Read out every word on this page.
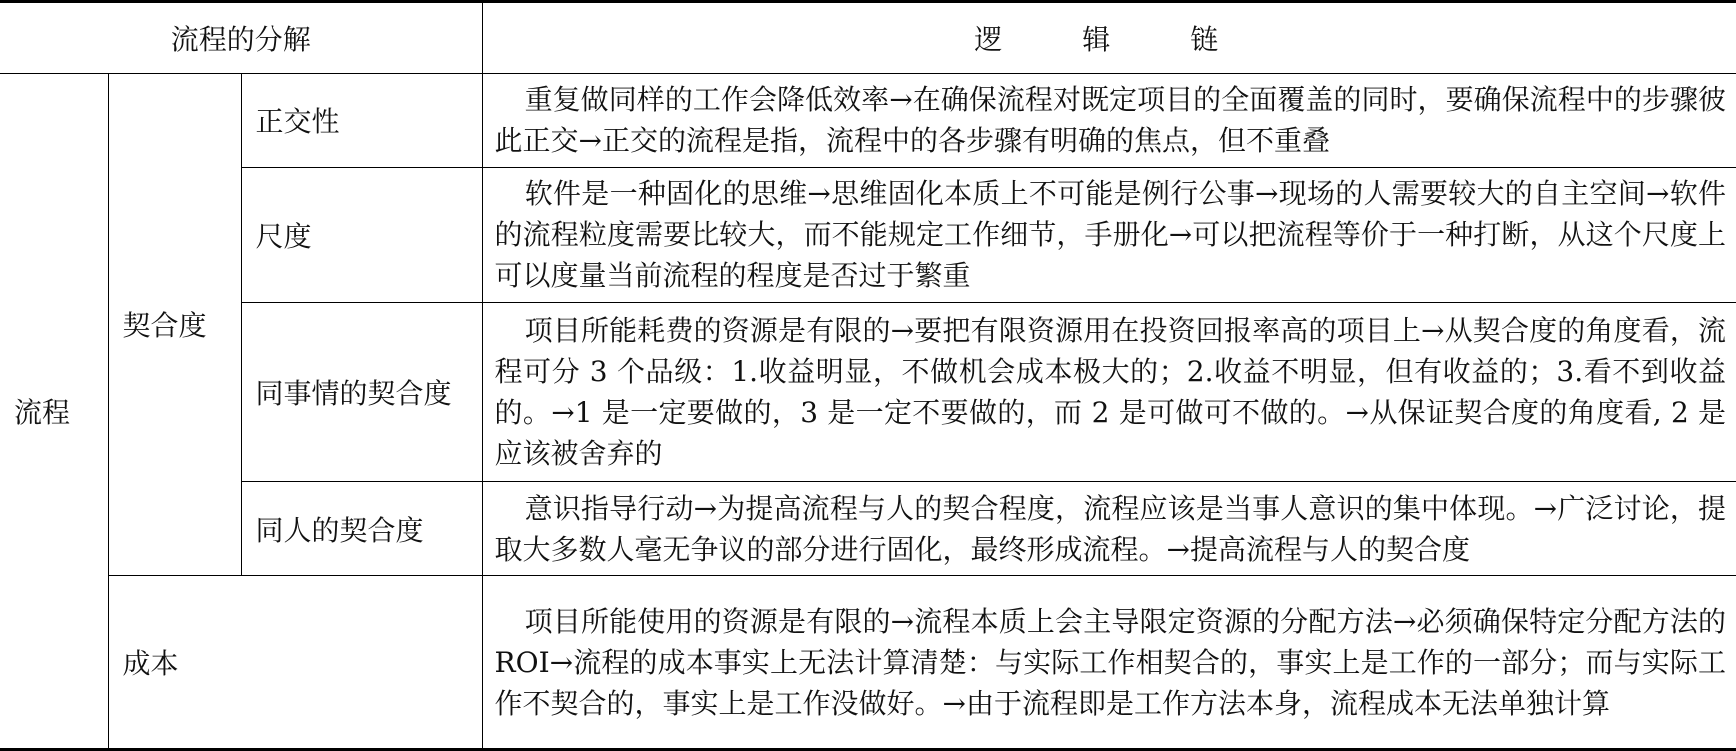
流程的分解			逻　辑　链
流程	契合度	正交性	重复做同样的工作会降低效率→在确保流程对既定项目的全面覆盖的同时，要确保流程中的步骤彼此正交→正交的流程是指，流程中的各步骤有明确的焦点，但不重叠
		尺度	软件是一种固化的思维→思维固化本质上不可能是例行公事→现场的人需要较大的自主空间→软件的流程粒度需要比较大，而不能规定工作细节，手册化→可以把流程等价于一种打断，从这个尺度上可以度量当前流程的程度是否过于繁重
		同事情的契合度	项目所能耗费的资源是有限的→要把有限资源用在投资回报率高的项目上→从契合度的角度看，流程可分 3 个品级：1.收益明显，不做机会成本极大的；2.收益不明显，但有收益的；3.看不到收益的。→1 是一定要做的，3 是一定不要做的，而 2 是可做可不做的。→从保证契合度的角度看, 2 是应该被舍弃的
		同人的契合度	意识指导行动→为提高流程与人的契合程度，流程应该是当事人意识的集中体现。→广泛讨论，提取大多数人毫无争议的部分进行固化，最终形成流程。→提高流程与人的契合度
	成本		项目所能使用的资源是有限的→流程本质上会主导限定资源的分配方法→必须确保特定分配方法的 ROI→流程的成本事实上无法计算清楚：与实际工作相契合的，事实上是工作的一部分；而与实际工作不契合的，事实上是工作没做好。→由于流程即是工作方法本身，流程成本无法单独计算
